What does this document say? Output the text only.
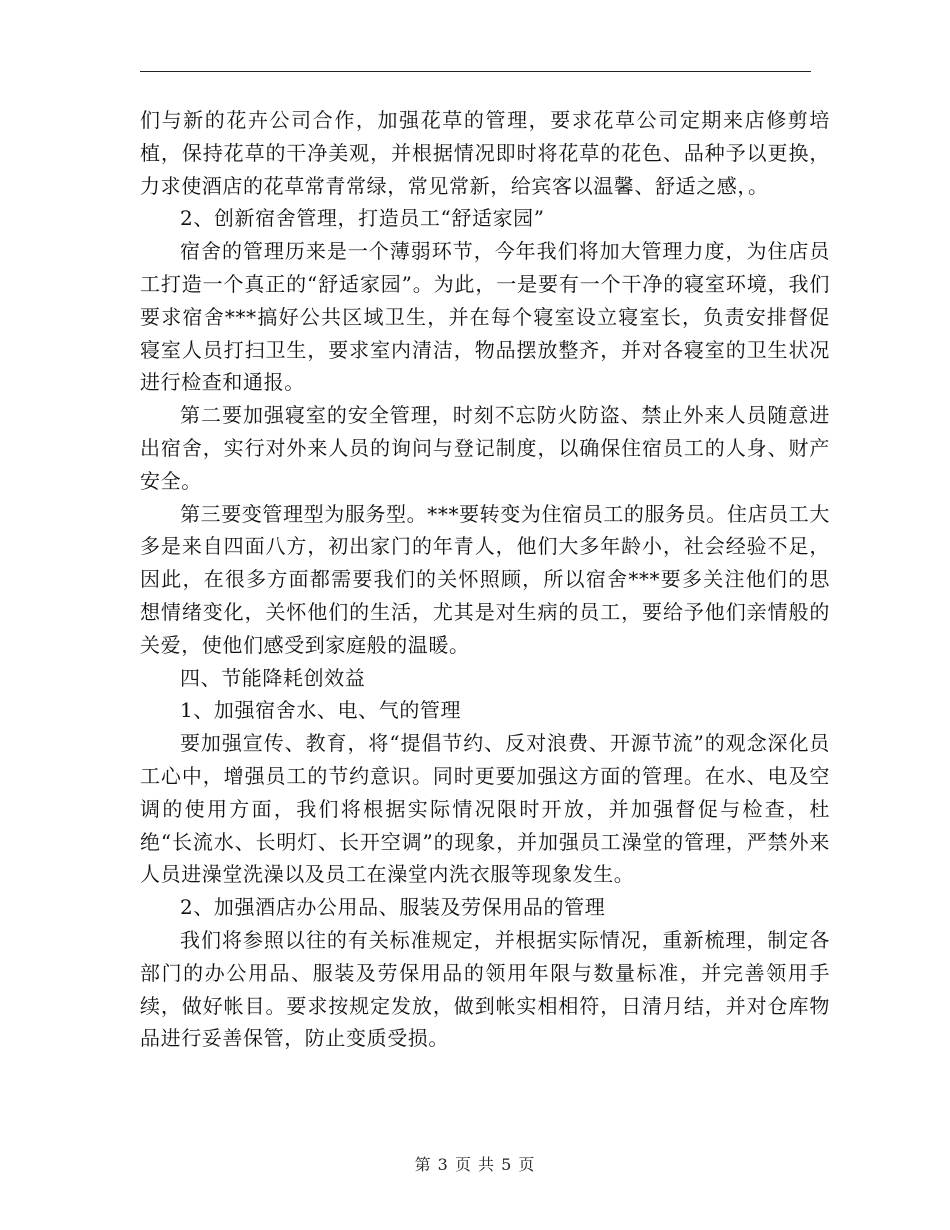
们与新的花卉公司合作，加强花草的管理，要求花草公司定期来店修剪培植，保持花草的干净美观，并根据情况即时将花草的花色、品种予以更换，力求使酒店的花草常青常绿，常见常新，给宾客以温馨、舒适之感，。

2、创新宿舍管理，打造员工“舒适家园”

宿舍的管理历来是一个薄弱环节，今年我们将加大管理力度，为住店员工打造一个真正的“舒适家园”。为此，一是要有一个干净的寝室环境，我们要求宿舍***搞好公共区域卫生，并在每个寝室设立寝室长，负责安排督促寝室人员打扫卫生，要求室内清洁，物品摆放整齐，并对各寝室的卫生状况进行检查和通报。

第二要加强寝室的安全管理，时刻不忘防火防盗、禁止外来人员随意进出宿舍，实行对外来人员的询问与登记制度，以确保住宿员工的人身、财产安全。

第三要变管理型为服务型。***要转变为住宿员工的服务员。住店员工大多是来自四面八方，初出家门的年青人，他们大多年龄小，社会经验不足，因此，在很多方面都需要我们的关怀照顾，所以宿舍***要多关注他们的思想情绪变化，关怀他们的生活，尤其是对生病的员工，要给予他们亲情般的关爱，使他们感受到家庭般的温暖。

四、节能降耗创效益

1、加强宿舍水、电、气的管理

要加强宣传、教育，将“提倡节约、反对浪费、开源节流”的观念深化员工心中，增强员工的节约意识。同时更要加强这方面的管理。在水、电及空调的使用方面，我们将根据实际情况限时开放，并加强督促与检查，杜绝“长流水、长明灯、长开空调”的现象，并加强员工澡堂的管理，严禁外来人员进澡堂洗澡以及员工在澡堂内洗衣服等现象发生。

2、加强酒店办公用品、服装及劳保用品的管理

我们将参照以往的有关标准规定，并根据实际情况，重新梳理，制定各部门的办公用品、服装及劳保用品的领用年限与数量标准，并完善领用手续，做好帐目。要求按规定发放，做到帐实相相符，日清月结，并对仓库物品进行妥善保管，防止变质受损。

第 3 页 共 5 页
